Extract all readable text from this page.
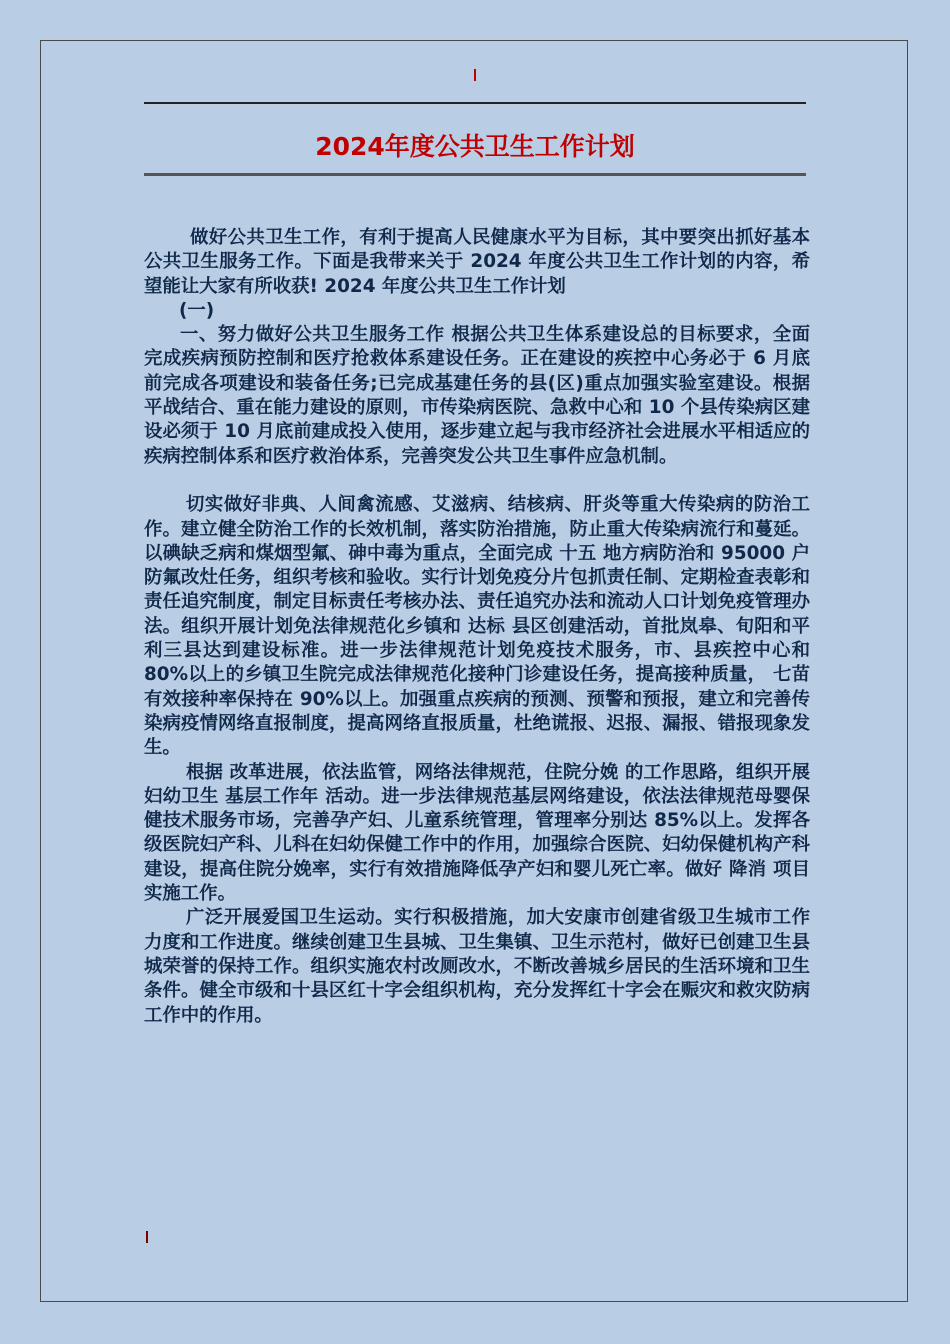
2024年度公共卫生工作计划

做好公共卫生工作，有利于提高人民健康水平为目标，其中要突出抓好基本公共卫生服务工作。下面是我带来关于 2024 年度公共卫生工作计划的内容，希望能让大家有所收获! 2024 年度公共卫生工作计划

(一)

一、努力做好公共卫生服务工作 根据公共卫生体系建设总的目标要求，全面完成疾病预防控制和医疗抢救体系建设任务。正在建设的疾控中心务必于 6 月底前完成各项建设和装备任务;已完成基建任务的县(区)重点加强实验室建设。根据平战结合、重在能力建设的原则，市传染病医院、急救中心和 10 个县传染病区建设必须于 10 月底前建成投入使用，逐步建立起与我市经济社会进展水平相适应的疾病控制体系和医疗救治体系，完善突发公共卫生事件应急机制。

切实做好非典、人间禽流感、艾滋病、结核病、肝炎等重大传染病的防治工作。建立健全防治工作的长效机制，落实防治措施，防止重大传染病流行和蔓延。以碘缺乏病和煤烟型氟、砷中毒为重点，全面完成 十五 地方病防治和 95000 户防氟改灶任务，组织考核和验收。实行计划免疫分片包抓责任制、定期检查表彰和责任追究制度，制定目标责任考核办法、责任追究办法和流动人口计划免疫管理办法。组织开展计划免法律规范化乡镇和 达标 县区创建活动，首批岚皋、旬阳和平利三县达到建设标准。进一步法律规范计划免疫技术服务，市、县疾控中心和 80%以上的乡镇卫生院完成法律规范化接种门诊建设任务，提高接种质量， 七苗 有效接种率保持在 90%以上。加强重点疾病的预测、预警和预报，建立和完善传染病疫情网络直报制度，提高网络直报质量，杜绝谎报、迟报、漏报、错报现象发生。

根据 改革进展，依法监管，网络法律规范，住院分娩 的工作思路，组织开展妇幼卫生 基层工作年 活动。进一步法律规范基层网络建设，依法法律规范母婴保健技术服务市场，完善孕产妇、儿童系统管理，管理率分别达 85%以上。发挥各级医院妇产科、儿科在妇幼保健工作中的作用，加强综合医院、妇幼保健机构产科建设，提高住院分娩率，实行有效措施降低孕产妇和婴儿死亡率。做好 降消 项目实施工作。

广泛开展爱国卫生运动。实行积极措施，加大安康市创建省级卫生城市工作力度和工作进度。继续创建卫生县城、卫生集镇、卫生示范村，做好已创建卫生县城荣誉的保持工作。组织实施农村改厕改水，不断改善城乡居民的生活环境和卫生条件。健全市级和十县区红十字会组织机构，充分发挥红十字会在赈灾和救灾防病工作中的作用。
